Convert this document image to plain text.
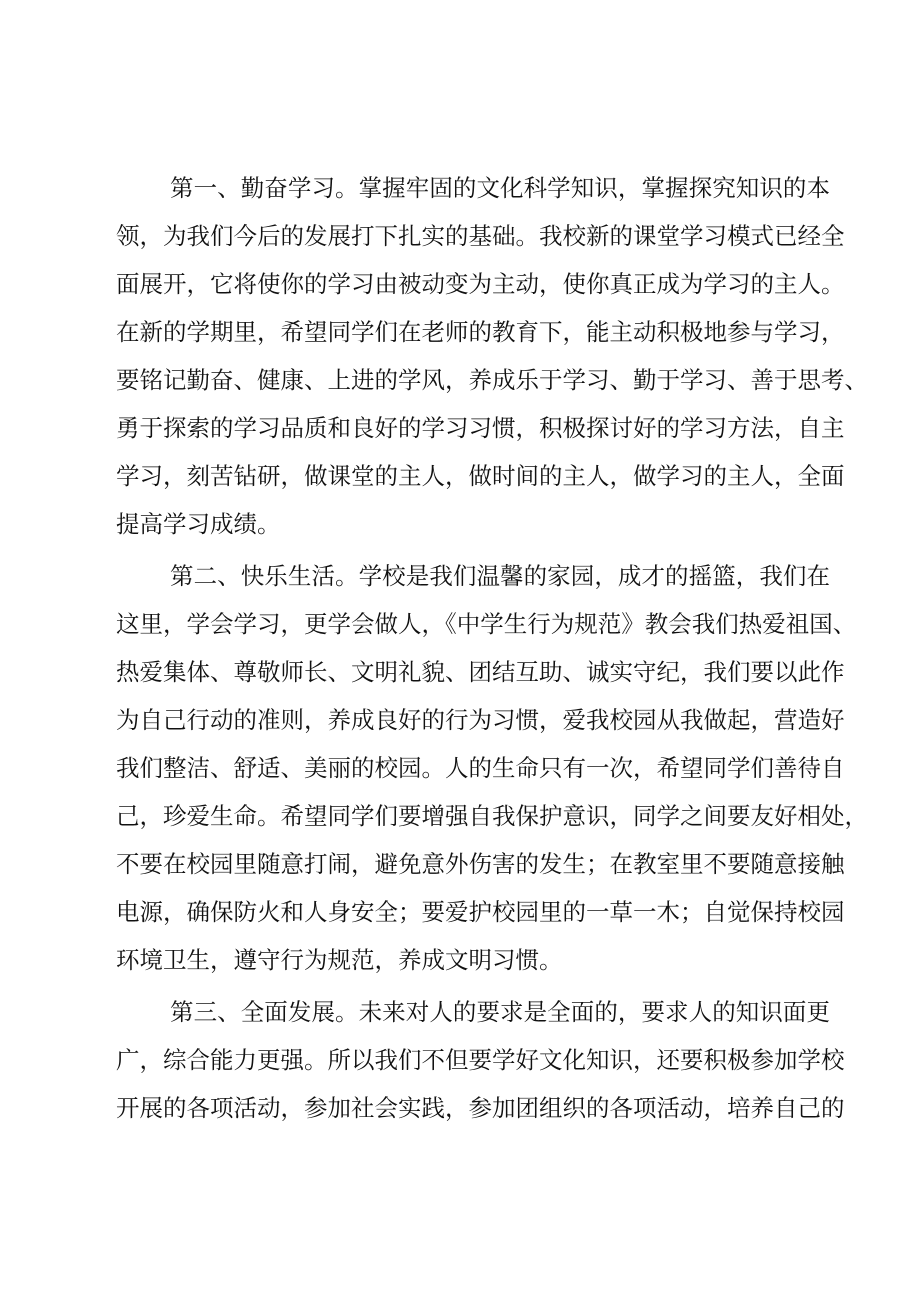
第一、勤奋学习。掌握牢固的文化科学知识，掌握探究知识的本
领，为我们今后的发展打下扎实的基础。我校新的课堂学习模式已经全
面展开，它将使你的学习由被动变为主动，使你真正成为学习的主人。
在新的学期里，希望同学们在老师的教育下，能主动积极地参与学习，
要铭记勤奋、健康、上进的学风，养成乐于学习、勤于学习、善于思考、
勇于探索的学习品质和良好的学习习惯，积极探讨好的学习方法，自主
学习，刻苦钻研，做课堂的主人，做时间的主人，做学习的主人，全面
提高学习成绩。
第二、快乐生活。学校是我们温馨的家园，成才的摇篮，我们在
这里，学会学习，更学会做人，《中学生行为规范》教会我们热爱祖国、
热爱集体、尊敬师长、文明礼貌、团结互助、诚实守纪，我们要以此作
为自己行动的准则，养成良好的行为习惯，爱我校园从我做起，营造好
我们整洁、舒适、美丽的校园。人的生命只有一次，希望同学们善待自
己，珍爱生命。希望同学们要增强自我保护意识，同学之间要友好相处，
不要在校园里随意打闹，避免意外伤害的发生；在教室里不要随意接触
电源，确保防火和人身安全；要爱护校园里的一草一木；自觉保持校园
环境卫生，遵守行为规范，养成文明习惯。
第三、全面发展。未来对人的要求是全面的，要求人的知识面更
广，综合能力更强。所以我们不但要学好文化知识，还要积极参加学校
开展的各项活动，参加社会实践，参加团组织的各项活动，培养自己的
